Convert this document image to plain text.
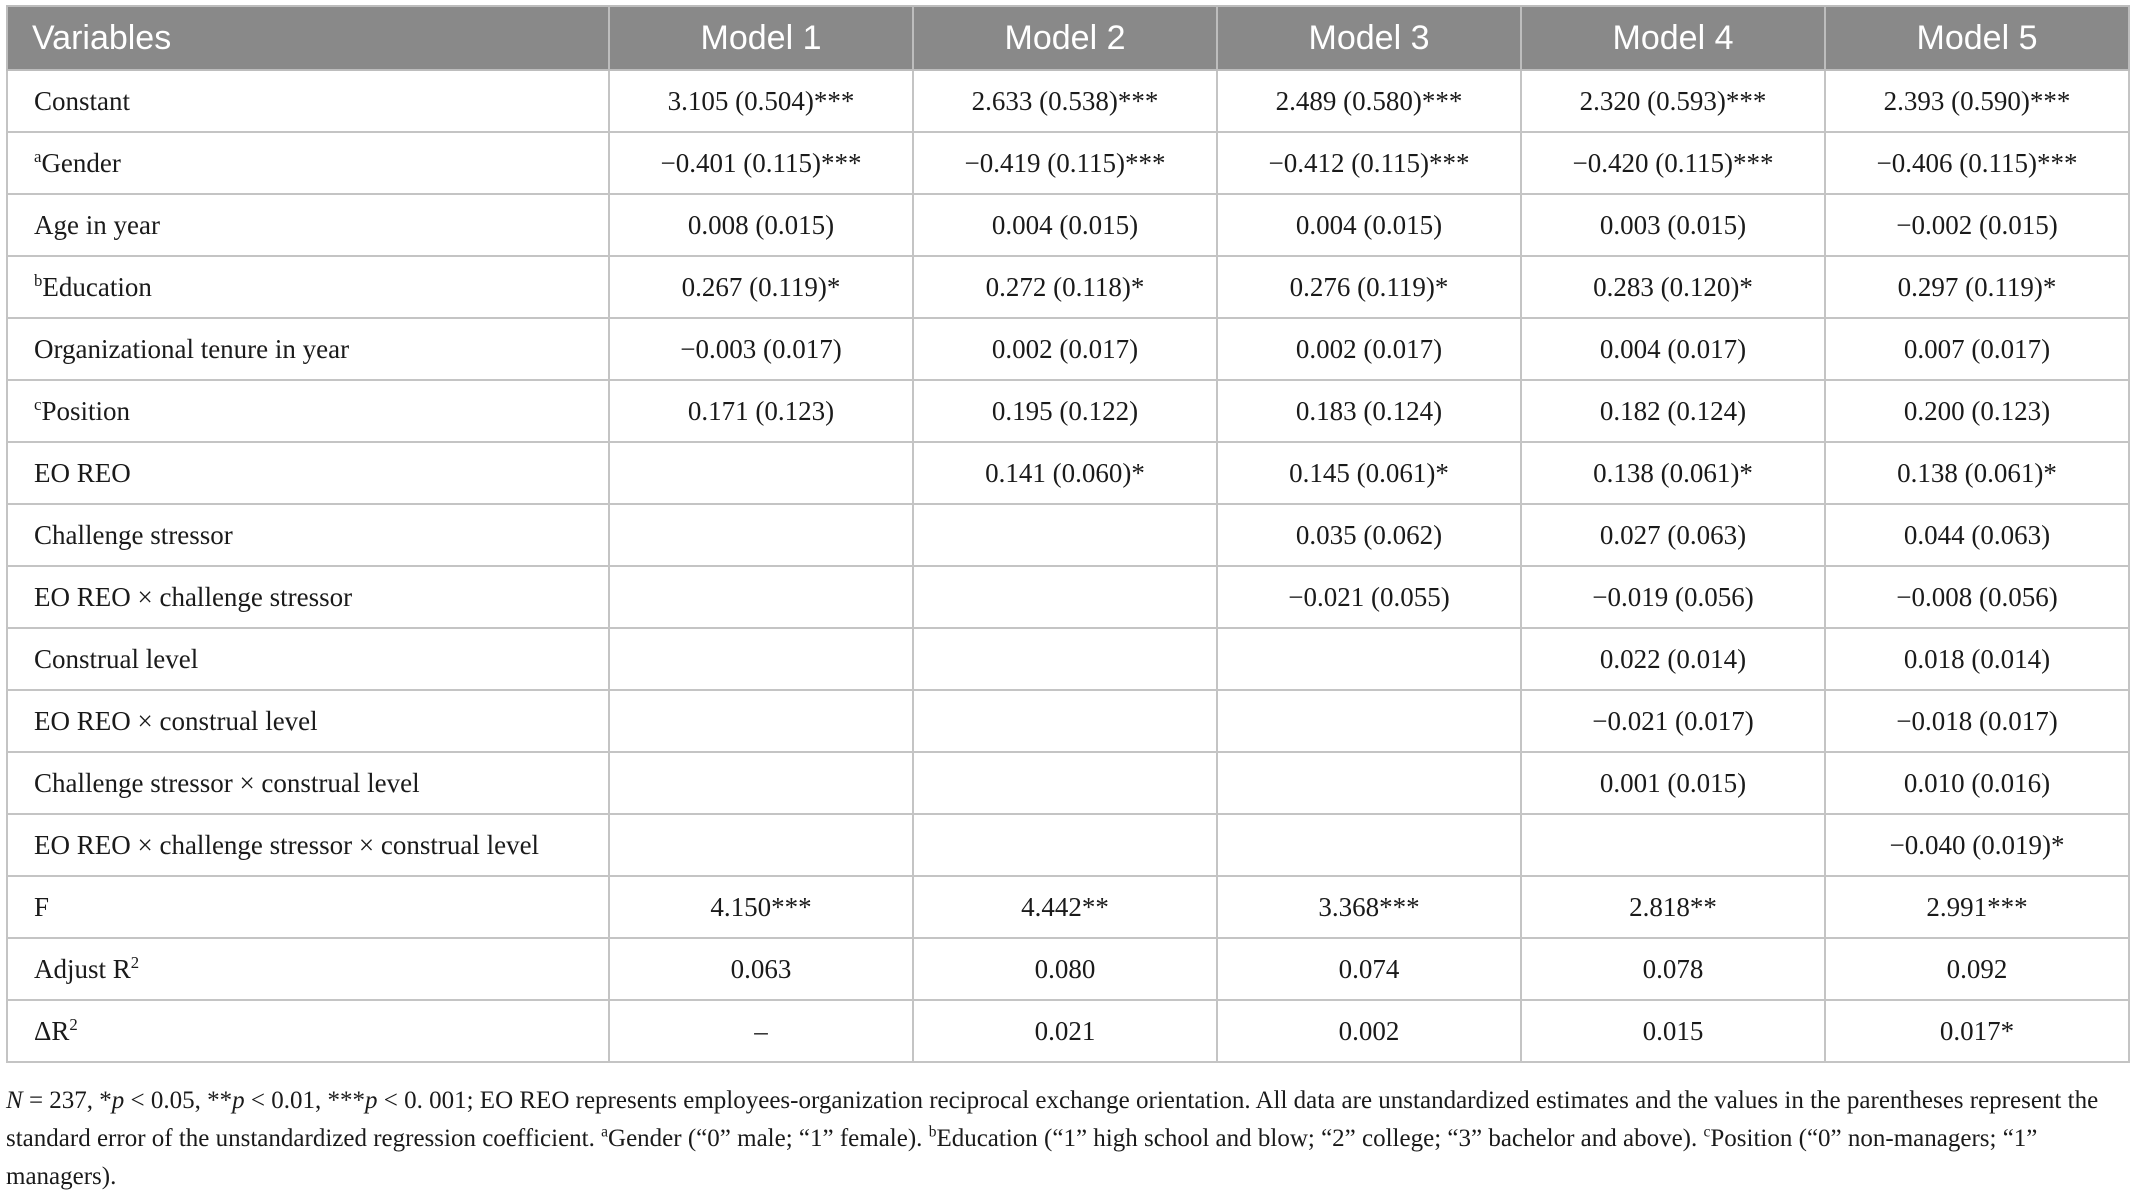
Variables	Model 1	Model 2	Model 3	Model 4	Model 5
Constant	3.105 (0.504)***	2.633 (0.538)***	2.489 (0.580)***	2.320 (0.593)***	2.393 (0.590)***
$^a$Gender	−0.401 (0.115)***	−0.419 (0.115)***	−0.412 (0.115)***	−0.420 (0.115)***	−0.406 (0.115)***
Age in year	0.008 (0.015)	0.004 (0.015)	0.004 (0.015)	0.003 (0.015)	−0.002 (0.015)
$^b$Education	0.267 (0.119)*	0.272 (0.118)*	0.276 (0.119)*	0.283 (0.120)*	0.297 (0.119)*
Organizational tenure in year	−0.003 (0.017)	0.002 (0.017)	0.002 (0.017)	0.004 (0.017)	0.007 (0.017)
$^c$Position	0.171 (0.123)	0.195 (0.122)	0.183 (0.124)	0.182 (0.124)	0.200 (0.123)
EO REO		0.141 (0.060)*	0.145 (0.061)*	0.138 (0.061)*	0.138 (0.061)*
Challenge stressor			0.035 (0.062)	0.027 (0.063)	0.044 (0.063)
EO REO × challenge stressor			−0.021 (0.055)	−0.019 (0.056)	−0.008 (0.056)
Construal level				0.022 (0.014)	0.018 (0.014)
EO REO × construal level				−0.021 (0.017)	−0.018 (0.017)
Challenge stressor × construal level				0.001 (0.015)	0.010 (0.016)
EO REO × challenge stressor × construal level					−0.040 (0.019)*
F	4.150***	4.442**	3.368***	2.818**	2.991***
Adjust $R^2$	0.063	0.080	0.074	0.078	0.092
$\Delta R^2$	–	0.021	0.002	0.015	0.017*
N = 237, *p < 0.05, **p < 0.01, ***p < 0. 001; EO REO represents employees-organization reciprocal exchange orientation. All data are unstandardized estimates and the values in the parentheses represent the standard error of the unstandardized regression coefficient. $^a$Gender (“0” male; “1” female). $^b$Education (“1” high school and blow; “2” college; “3” bachelor and above). $^c$Position (“0” non-managers; “1” managers).
